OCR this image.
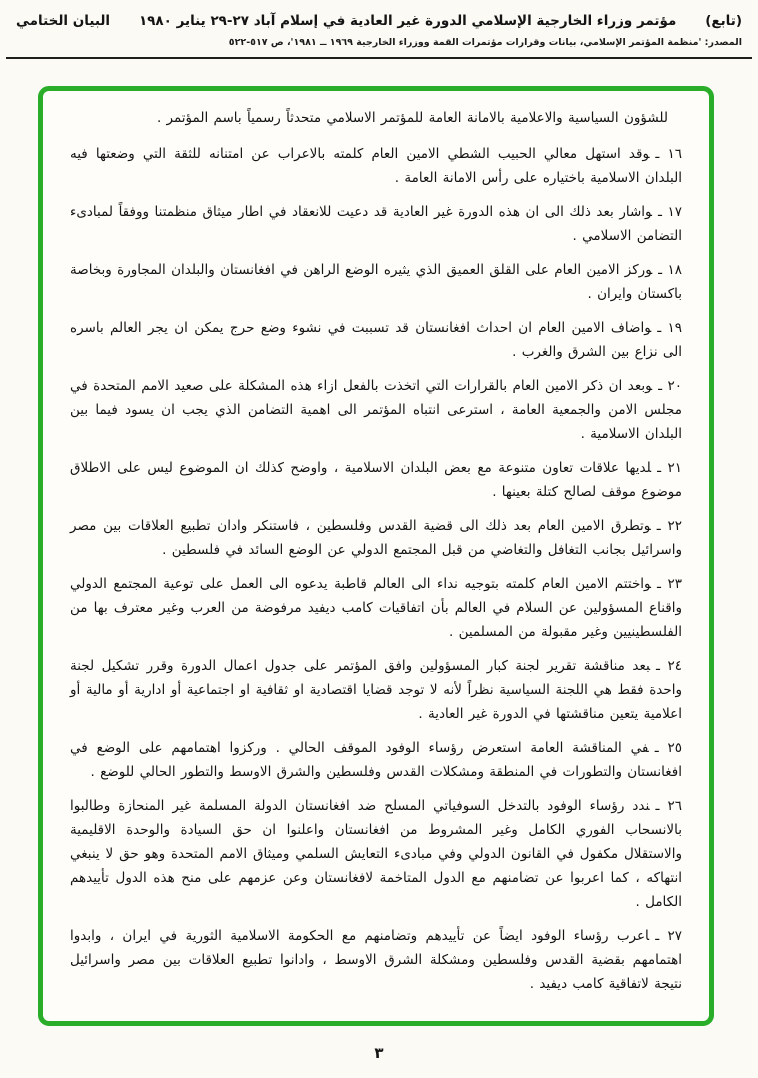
(تابع)
مؤتمر وزراء الخارجية الإسلامي الدورة غير العادية في إسلام آباد ٢٧-٢٩ يناير ١٩٨٠
البيان الختامي
المصدر: 'منظمة المؤتمر الإسلامي، بيانات وقرارات مؤتمرات القمة ووزراء الخارجية ١٩٦٩ ــ ١٩٨١'، ص ٥١٧-٥٢٢

للشؤون السياسية والاعلامية بالامانة العامة للمؤتمر الاسلامي متحدثاً رسمياً باسم المؤتمر .

١٦ ـوقد استهل معالي الحبيب الشطي الامين العام كلمته بالاعراب عن امتنانه للثقة التي وضعتها فيه البلدان الاسلامية باختياره على رأس الامانة العامة .

١٧ ـواشار بعد ذلك الى ان هذه الدورة غير العادية قد دعيت للانعقاد في اطار ميثاق منظمتنا ووفقاً لمبادىء التضامن الاسلامي .

١٨ ـوركز الامين العام على القلق العميق الذي يثيره الوضع الراهن في افغانستان والبلدان المجاورة وبخاصة باكستان وايران .

١٩ ـواضاف الامين العام ان احداث افغانستان قد تسببت في نشوء وضع حرج يمكن ان يجر العالم باسره الى نزاع بين الشرق والغرب .

٢٠ ـوبعد ان ذكر الامين العام بالقرارات التي اتخذت بالفعل ازاء هذه المشكلة على صعيد الامم المتحدة في مجلس الامن والجمعية العامة ، استرعى انتباه المؤتمر الى اهمية التضامن الذي يجب ان يسود فيما بين البلدان الاسلامية .

٢١ ـلديها علاقات تعاون متنوعة مع بعض البلدان الاسلامية ، واوضح كذلك ان الموضوع ليس على الاطلاق موضوع موقف لصالح كتلة بعينها .

٢٢ ـوتطرق الامين العام بعد ذلك الى قضية القدس وفلسطين ، فاستنكر وادان تطبيع العلاقات بين مصر واسرائيل بجانب التغافل والتغاضي من قبل المجتمع الدولي عن الوضع السائد في فلسطين .

٢٣ ـواختتم الامين العام كلمته بتوجيه نداء الى العالم قاطبة يدعوه الى العمل على توعية المجتمع الدولي واقناع المسؤولين عن السلام في العالم بأن اتفاقيات كامب ديفيد مرفوضة من العرب وغير معترف بها من الفلسطينيين وغير مقبولة من المسلمين .

٢٤ ـبعد مناقشة تقرير لجنة كبار المسؤولين وافق المؤتمر على جدول اعمال الدورة وقرر تشكيل لجنة واحدة فقط هي اللجنة السياسية نظراً لأنه لا توجد قضايا اقتصادية او ثقافية او اجتماعية أو ادارية أو مالية أو اعلامية يتعين مناقشتها في الدورة غير العادية .

٢٥ ـفي المناقشة العامة استعرض رؤساء الوفود الموقف الحالي . وركزوا اهتمامهم على الوضع في افغانستان والتطورات في المنطقة ومشكلات القدس وفلسطين والشرق الاوسط والتطور الحالي للوضع .

٢٦ ـندد رؤساء الوفود بالتدخل السوفياتي المسلح ضد افغانستان الدولة المسلمة غير المنحازة وطالبوا بالانسحاب الفوري الكامل وغير المشروط من افغانستان واعلنوا ان حق السيادة والوحدة الاقليمية والاستقلال مكفول في القانون الدولي وفي مبادىء التعايش السلمي وميثاق الامم المتحدة وهو حق لا ينبغي انتهاكه ، كما اعربوا عن تضامنهم مع الدول المتاخمة لافغانستان وعن عزمهم على منح هذه الدول تأييدهم الكامل .

٢٧ ـاعرب رؤساء الوفود ايضاً عن تأييدهم وتضامنهم مع الحكومة الاسلامية الثورية في ايران ، وابدوا اهتمامهم بقضية القدس وفلسطين ومشكلة الشرق الاوسط ، وادانوا تطبيع العلاقات بين مصر واسرائيل نتيجة لاتفاقية كامب ديفيد .

٣
